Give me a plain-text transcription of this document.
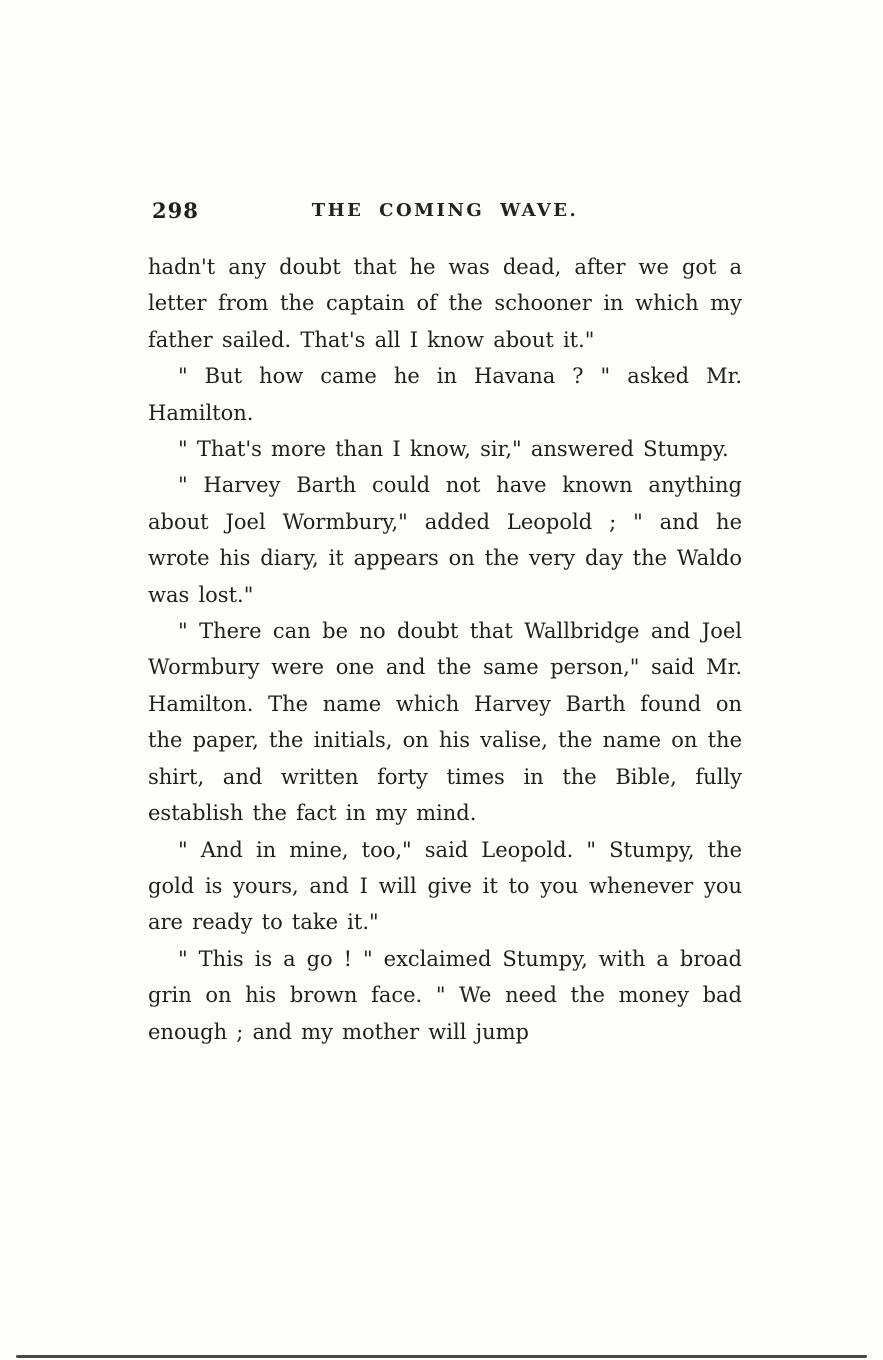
298	THE COMING WAVE.

hadn't any doubt that he was dead, after we got a letter from the captain of the schooner in which my father sailed. That's all I know about it."

" But how came he in Havana ? " asked Mr. Hamilton.

" That's more than I know, sir," answered Stumpy.

" Harvey Barth could not have known anything about Joel Wormbury," added Leopold ; " and he wrote his diary, it appears on the very day the Waldo was lost."

" There can be no doubt that Wallbridge and Joel Wormbury were one and the same person," said Mr. Hamilton. The name which Harvey Barth found on the paper, the initials, on his valise, the name on the shirt, and written forty times in the Bible, fully establish the fact in my mind.

" And in mine, too," said Leopold. " Stumpy, the gold is yours, and I will give it to you whenever you are ready to take it."

" This is a go ! " exclaimed Stumpy, with a broad grin on his brown face. " We need the money bad enough ; and my mother will jump
